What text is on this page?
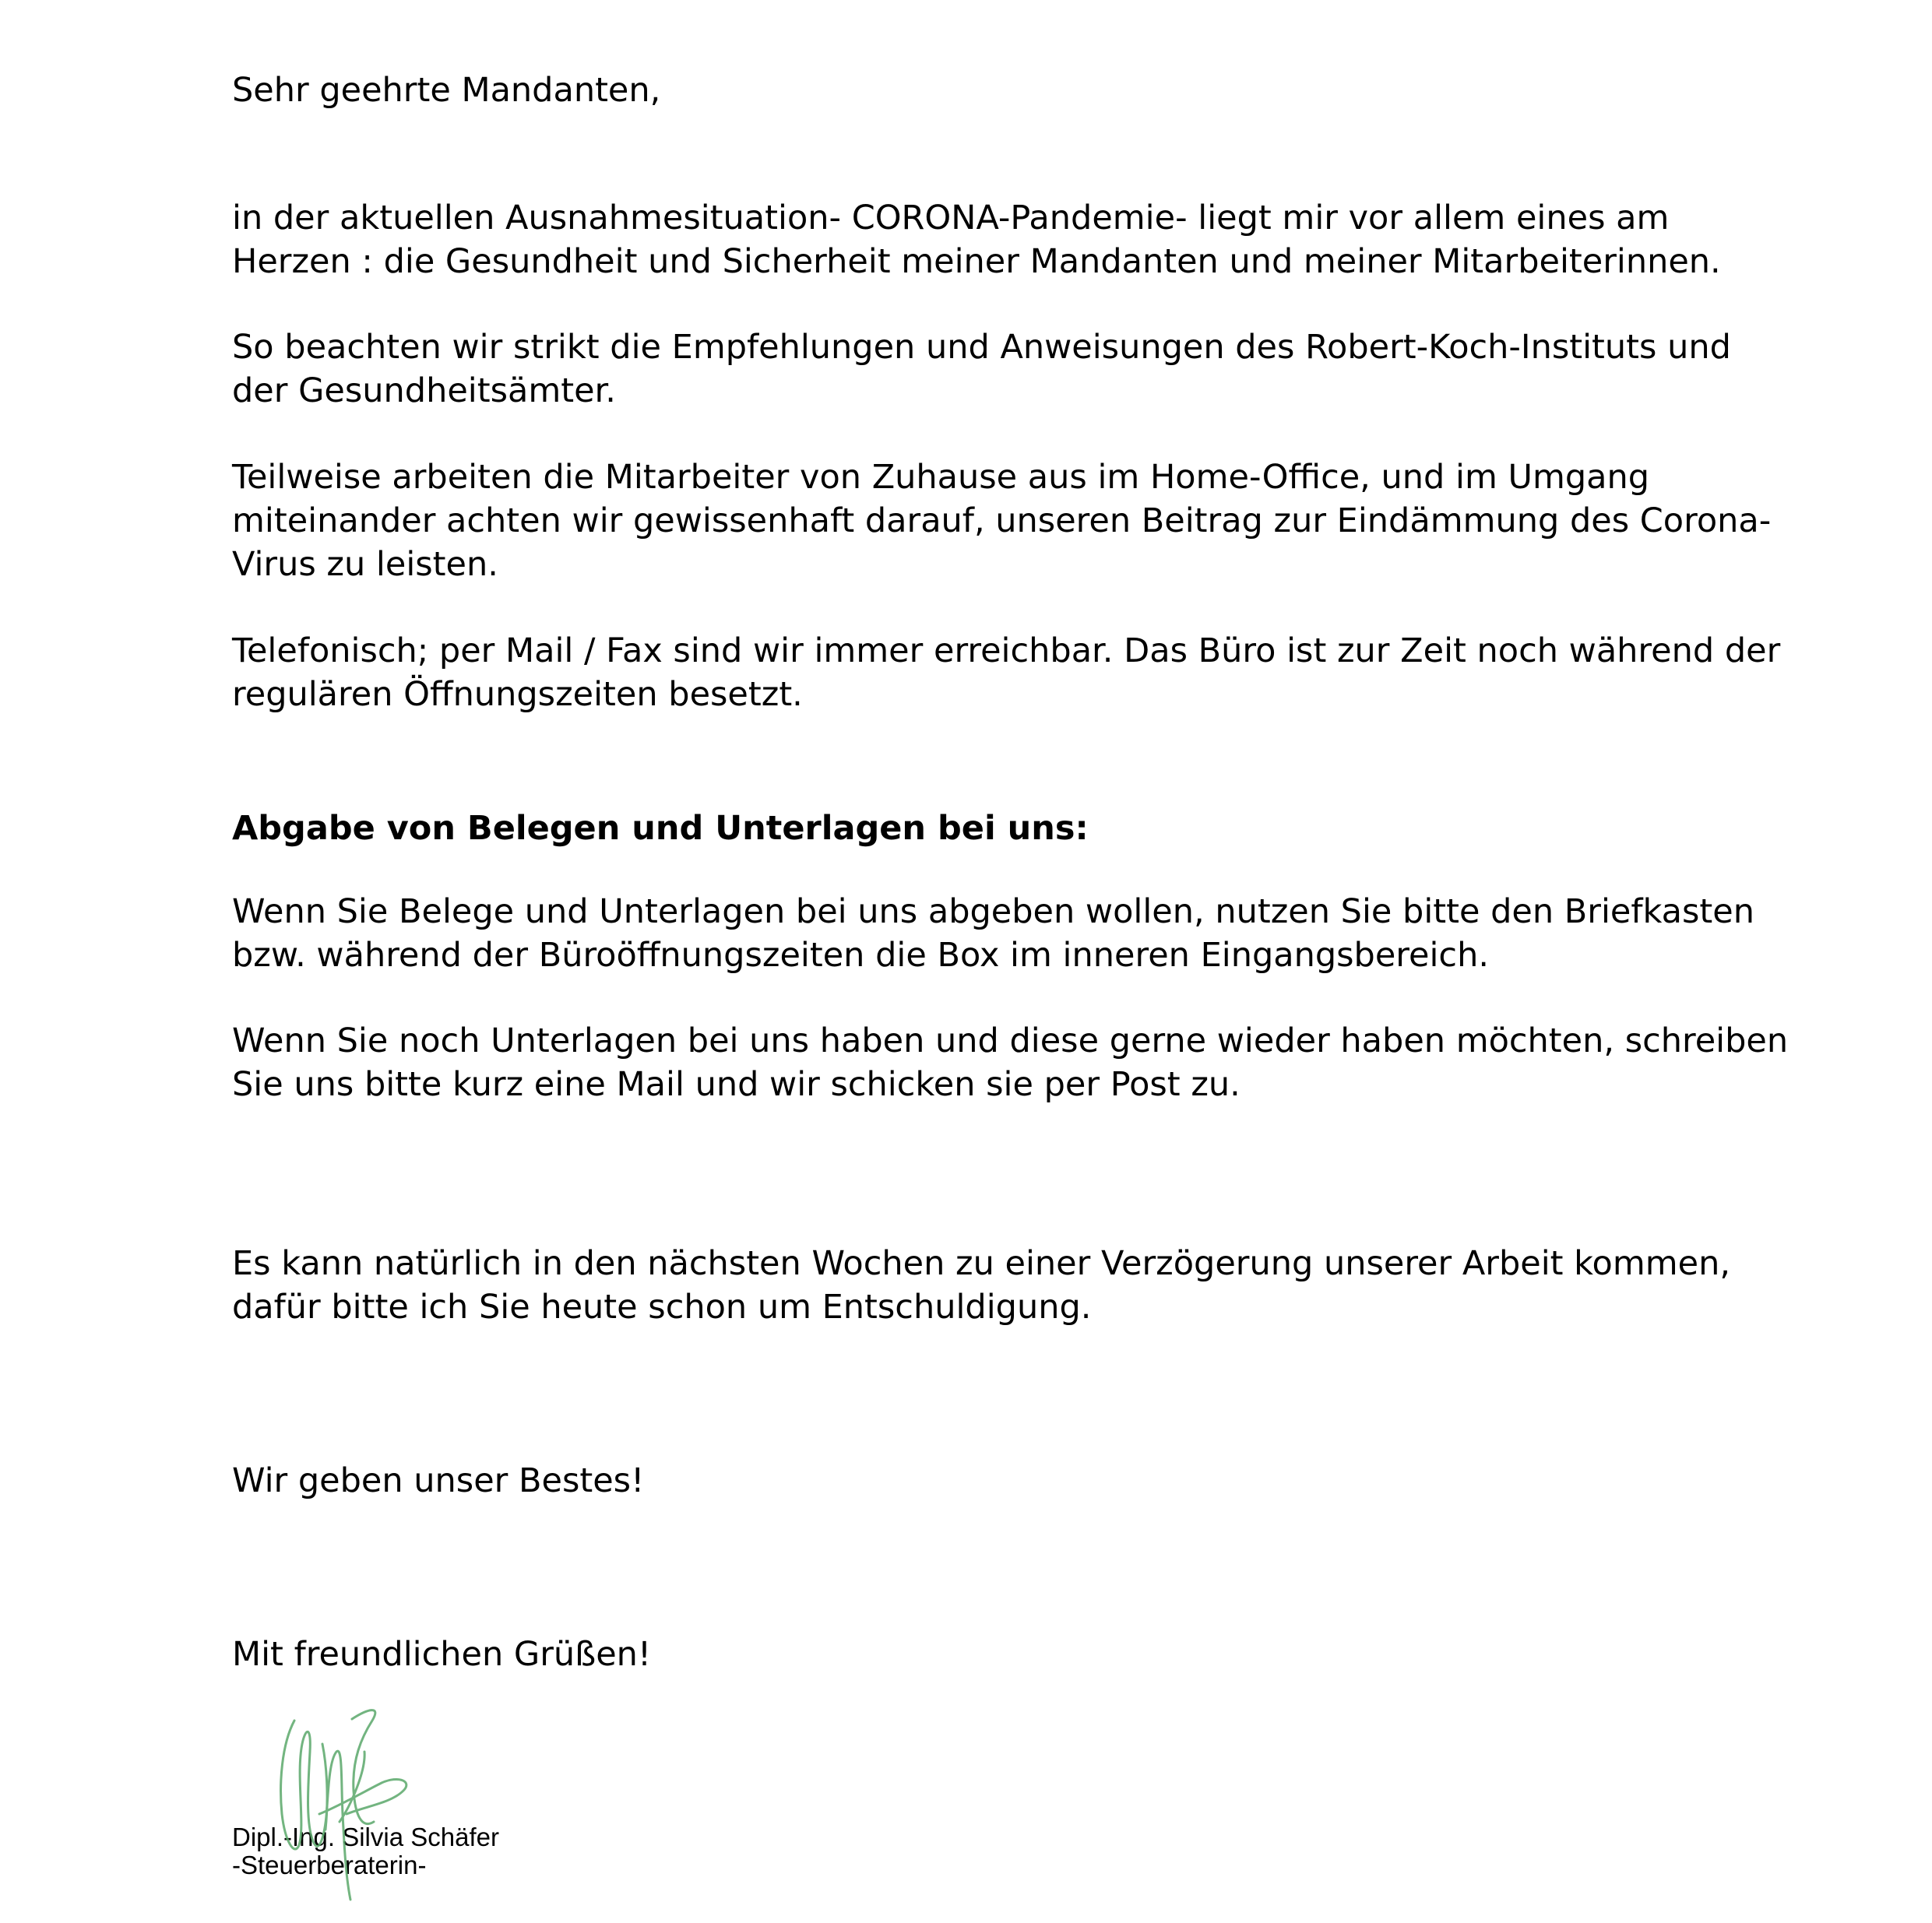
Sehr geehrte Mandanten,

in der aktuellen Ausnahmesituation- CORONA-Pandemie- liegt mir vor allem eines am

Herzen : die Gesundheit und Sicherheit meiner Mandanten und meiner Mitarbeiterinnen.

So beachten wir strikt die Empfehlungen und Anweisungen des Robert-Koch-Instituts und

der Gesundheitsämter.

Teilweise arbeiten die Mitarbeiter von Zuhause aus im Home-Office, und im Umgang

miteinander achten wir gewissenhaft darauf, unseren Beitrag zur Eindämmung des Corona-

Virus zu leisten.

Telefonisch; per Mail / Fax sind wir immer erreichbar. Das Büro ist zur Zeit noch während der

regulären Öffnungszeiten besetzt.

Abgabe von Belegen und Unterlagen bei uns:

Wenn Sie Belege und Unterlagen bei uns abgeben wollen, nutzen Sie bitte den Briefkasten

bzw. während der Büroöffnungszeiten die Box im inneren Eingangsbereich.

Wenn Sie noch Unterlagen bei uns haben und diese gerne wieder haben möchten, schreiben

Sie uns bitte kurz eine Mail und wir schicken sie per Post zu.

Es kann natürlich in den nächsten Wochen zu einer Verzögerung unserer Arbeit kommen,

dafür bitte ich Sie heute schon um Entschuldigung.

Wir geben unser Bestes!

Mit freundlichen Grüßen!

Dipl.-Ing. Silvia Schäfer

-Steuerberaterin-
